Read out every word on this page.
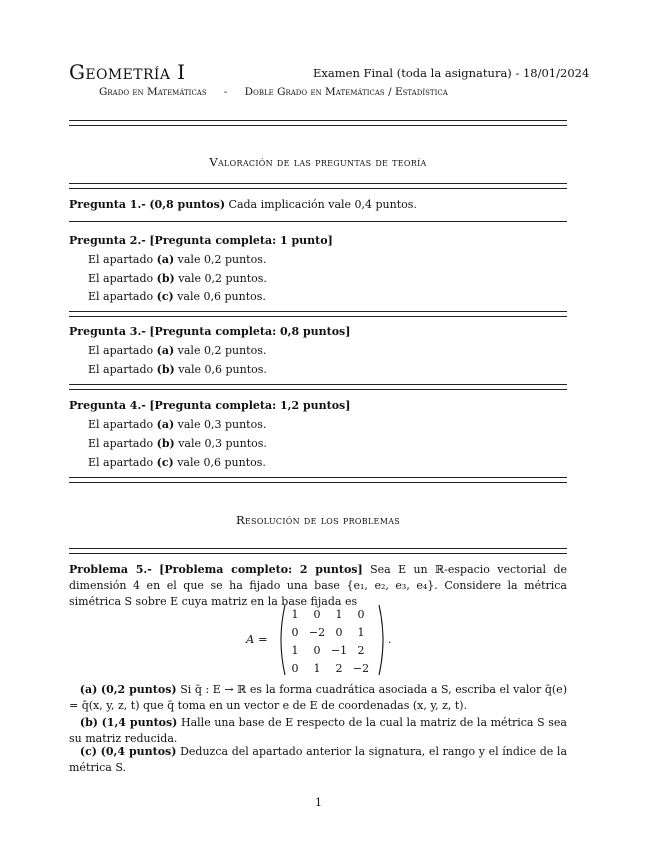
Geometría I	Examen Final (toda la asignatura) - 18/01/2024
Grado en Matemáticas - Doble Grado en Matemáticas / Estadística
Valoración de las preguntas de teoría
Pregunta 1.- (0,8 puntos) Cada implicación vale 0,4 puntos.
Pregunta 2.- [Pregunta completa: 1 punto]
El apartado (a) vale 0,2 puntos.
El apartado (b) vale 0,2 puntos.
El apartado (c) vale 0,6 puntos.
Pregunta 3.- [Pregunta completa: 0,8 puntos]
El apartado (a) vale 0,2 puntos.
El apartado (b) vale 0,6 puntos.
Pregunta 4.- [Pregunta completa: 1,2 puntos]
El apartado (a) vale 0,3 puntos.
El apartado (b) vale 0,3 puntos.
El apartado (c) vale 0,6 puntos.
Resolución de los problemas
Problema 5.- [Problema completo: 2 puntos] Sea E un ℝ-espacio vectorial de dimensión 4 en el que se ha fijado una base {e₁, e₂, e₃, e₄}. Considere la métrica simétrica S sobre E cuya matriz en la base fijada es
A =
1	0	1	0
0	−2	0	1
1	0	−1	2
0	1	2	−2
.
(a) (0,2 puntos) Si q̄ : E → ℝ es la forma cuadrática asociada a S, escriba el valor q̄(e) = q̄(x, y, z, t) que q̄ toma en un vector e de E de coordenadas (x, y, z, t).
(b) (1,4 puntos) Halle una base de E respecto de la cual la matriz de la métrica S sea su matriz reducida.
(c) (0,4 puntos) Deduzca del apartado anterior la signatura, el rango y el índice de la métrica S.
1
